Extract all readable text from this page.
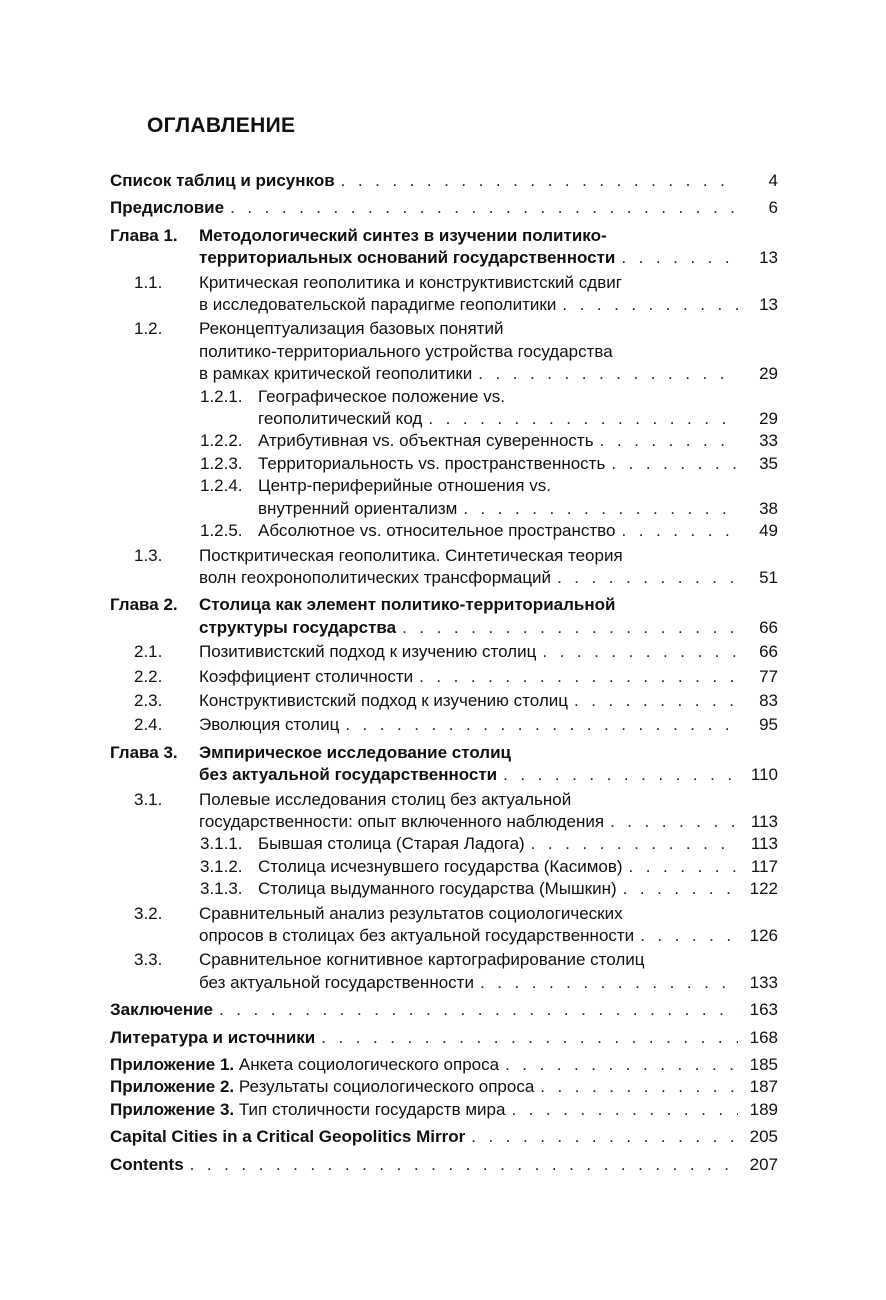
ОГЛАВЛЕНИЕ
Список таблиц и рисунков . . .	4
Предисловие . . .	6
Глава 1.	Методологический синтез в изучении политико-
территориальных оснований государственности . . .	13
1.1.	Критическая геополитика и конструктивистский сдвиг
в исследовательской парадигме геополитики . . .	13
1.2.	Реконцептуализация базовых понятий
политико-территориального устройства государства
в рамках критической геополитики . . .	29
1.2.1. Географическое положение vs.
геополитический код . . .	29
1.2.2. Атрибутивная vs. объектная суверенность . . .	33
1.2.3. Территориальность vs. пространственность . . .	35
1.2.4. Центр-периферийные отношения vs.
внутренний ориентализм . . .	38
1.2.5. Абсолютное vs. относительное пространство . . .	49
1.3.	Посткритическая геополитика. Синтетическая теория
волн геохронополитических трансформаций . . .	51
Глава 2.	Столица как элемент политико-территориальной
структуры государства . . .	66
2.1. Позитивистский подход к изучению столиц . . .	66
2.2. Коэффициент столичности . . .	77
2.3. Конструктивистский подход к изучению столиц . . .	83
2.4. Эволюция столиц . . .	95
Глава 3.	Эмпирическое исследование столиц
без актуальной государственности . . .	110
3.1.	Полевые исследования столиц без актуальной
государственности: опыт включенного наблюдения . . .	113
3.1.1. Бывшая столица (Старая Ладога) . . .	113
3.1.2. Столица исчезнувшего государства (Касимов) . . .	117
3.1.3. Столица выдуманного государства (Мышкин) . . .	122
3.2.	Сравнительный анализ результатов социологических
опросов в столицах без актуальной государственности . . .	126
3.3.	Сравнительное когнитивное картографирование столиц
без актуальной государственности . . .	133
Заключение . . .	163
Литература и источники . . .	168
Приложение 1. Анкета социологического опроса . . .	185
Приложение 2. Результаты социологического опроса . . .	187
Приложение 3. Тип столичности государств мира . . .	189
Capital Cities in a Critical Geopolitics Mirror . . .	205
Contents . . .	207
